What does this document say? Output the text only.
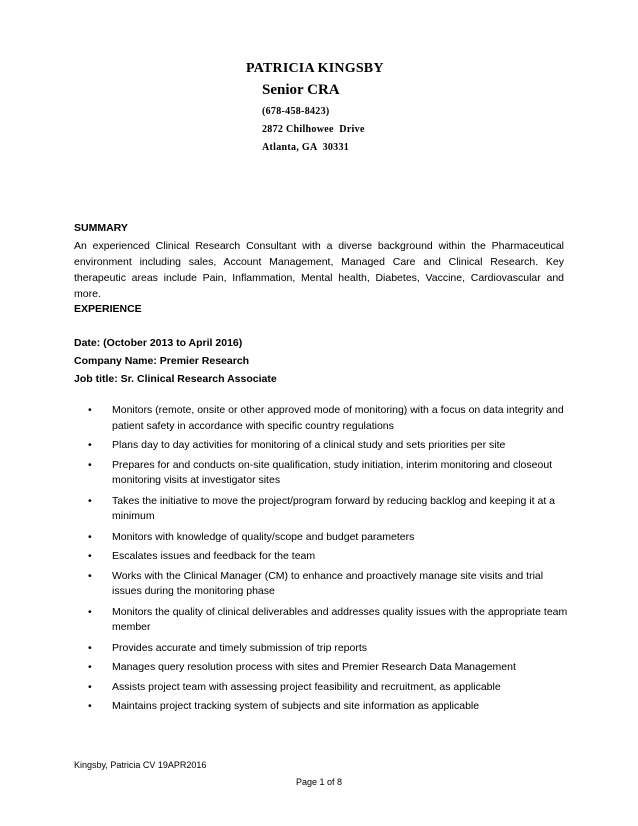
PATRICIA KINGSBY
Senior CRA
(678-458-8423)
2872 Chilhowee  Drive
Atlanta, GA  30331
SUMMARY
An experienced Clinical Research Consultant with a diverse background within the Pharmaceutical environment including sales, Account Management, Managed Care and Clinical Research. Key therapeutic areas include Pain, Inflammation, Mental health, Diabetes, Vaccine, Cardiovascular and more.
EXPERIENCE
Date: (October 2013 to April 2016)
Company Name: Premier Research
Job title: Sr. Clinical Research Associate
• Monitors (remote, onsite or other approved mode of monitoring) with a focus on data integrity and patient safety in accordance with specific country regulations
• Plans day to day activities for monitoring of a clinical study and sets priorities per site
• Prepares for and conducts on-site qualification, study initiation, interim monitoring and closeout monitoring visits at investigator sites
• Takes the initiative to move the project/program forward by reducing backlog and keeping it at a minimum
• Monitors with knowledge of quality/scope and budget parameters
• Escalates issues and feedback for the team
• Works with the Clinical Manager (CM) to enhance and proactively manage site visits and trial issues during the monitoring phase
• Monitors the quality of clinical deliverables and addresses quality issues with the appropriate team member
• Provides accurate and timely submission of trip reports
• Manages query resolution process with sites and Premier Research Data Management
• Assists project team with assessing project feasibility and recruitment, as applicable
• Maintains project tracking system of subjects and site information as applicable
Kingsby, Patricia CV 19APR2016
Page 1 of 8
